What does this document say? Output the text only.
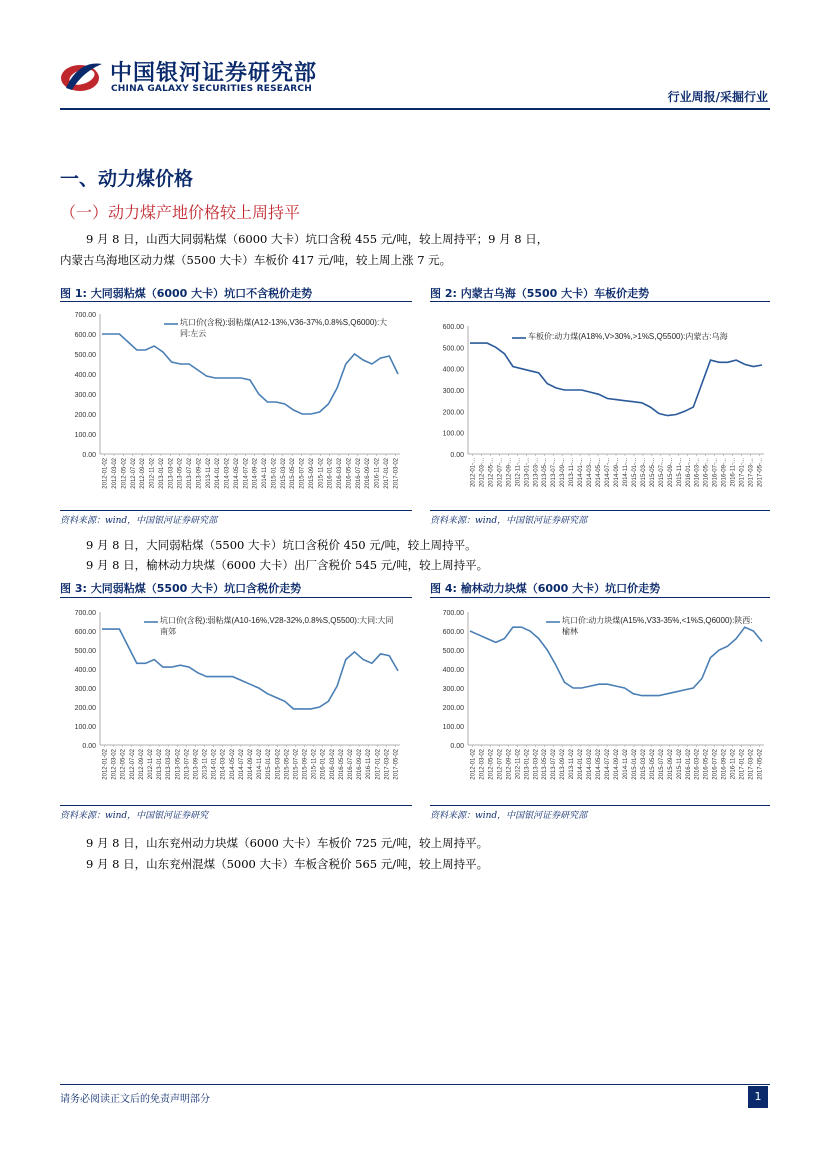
中国银河证券研究部
CHINA GALAXY SECURITIES RESEARCH
行业周报/采掘行业
一、动力煤价格
（一）动力煤产地价格较上周持平
9 月 8 日，山西大同弱粘煤（6000 大卡）坑口含税 455 元/吨，较上周持平；9 月 8 日，
内蒙古乌海地区动力煤（5500 大卡）车板价 417 元/吨，较上周上涨 7 元。
图 1: 大同弱粘煤（6000 大卡）坑口不含税价走势
0.00
100.00
200.00
300.00
400.00
500.00
600.00
700.00
2012-01-02 2012-03-02 2012-05-02 2012-07-02 2012-09-02 2012-11-02 2013-01-02 2013-03-02 2013-05-02 2013-07-02 2013-09-02 2013-11-02 2014-01-02 2014-03-02 2014-05-02 2014-07-02 2014-09-02 2014-11-02 2015-01-02 2015-03-02 2015-05-02 2015-07-02 2015-09-02 2015-11-02 2016-01-02 2016-03-02 2016-05-02 2016-07-02 2016-09-02 2016-11-02 2017-01-02 2017-03-02
坑口价(含税):弱粘煤(A12-13%,V36-37%,0.8%S,Q6000):大同:左云
资料来源：wind，中国银河证券研究部
图 2: 内蒙古乌海（5500 大卡）车板价走势
0.00
100.00
200.00
300.00
400.00
500.00
600.00
2012-01-... 2012-03-... 2012-05-... 2012-07-... 2012-09-... 2012-11-... 2013-01-... 2013-03-... 2013-05-... 2013-07-... 2013-09-... 2013-11-... 2014-01-... 2014-03-... 2014-05-... 2014-07-... 2014-09-... 2014-11-... 2015-01-... 2015-03-... 2015-05-... 2015-07-... 2015-09-... 2015-11-... 2016-01-... 2016-03-... 2016-05-... 2016-07-... 2016-09-... 2016-11-... 2017-01-... 2017-03-... 2017-05-...
车板价:动力煤(A18%,V>30%,>1%S,Q5500):内蒙古:乌海
资料来源：wind，中国银河证券研究部
9 月 8 日，大同弱粘煤（5500 大卡）坑口含税价 450 元/吨，较上周持平。
9 月 8 日，榆林动力块煤（6000 大卡）出厂含税价 545 元/吨，较上周持平。
图 3: 大同弱粘煤（5500 大卡）坑口含税价走势
0.00
100.00
200.00
300.00
400.00
500.00
600.00
700.00
2012-01-02 2012-03-02 2012-05-02 2012-07-02 2012-09-02 2012-11-02 2013-01-02 2013-03-02 2013-05-02 2013-07-02 2013-09-02 2013-11-02 2014-01-02 2014-03-02 2014-05-02 2014-07-02 2014-09-02 2014-11-02 2015-01-02 2015-03-02 2015-05-02 2015-07-02 2015-09-02 2015-11-02 2016-01-02 2016-03-02 2016-05-02 2016-07-02 2016-09-02 2016-11-02 2017-01-02 2017-03-02 2017-05-02
坑口价(含税):弱粘煤(A10-16%,V28-32%,0.8%S,Q5500):大同:大同南郊
资料来源：wind，中国银河证券研究
图 4: 榆林动力块煤（6000 大卡）坑口价走势
0.00
100.00
200.00
300.00
400.00
500.00
600.00
700.00
2012-01-02 2012-03-02 2012-05-02 2012-07-02 2012-09-02 2012-11-02 2013-01-02 2013-03-02 2013-05-02 2013-07-02 2013-09-02 2013-11-02 2014-01-02 2014-03-02 2014-05-02 2014-07-02 2014-09-02 2014-11-02 2015-01-02 2015-03-02 2015-05-02 2015-07-02 2015-09-02 2015-11-02 2016-01-02 2016-03-02 2016-05-02 2016-07-02 2016-09-02 2016-11-02 2017-01-02 2017-03-02 2017-05-02
坑口价:动力块煤(A15%,V33-35%,<1%S,Q6000):陕西:榆林
资料来源：wind，中国银河证券研究部
9 月 8 日，山东兖州动力块煤（6000 大卡）车板价 725 元/吨，较上周持平。
9 月 8 日，山东兖州混煤（5000 大卡）车板含税价 565 元/吨，较上周持平。
请务必阅读正文后的免责声明部分	1
